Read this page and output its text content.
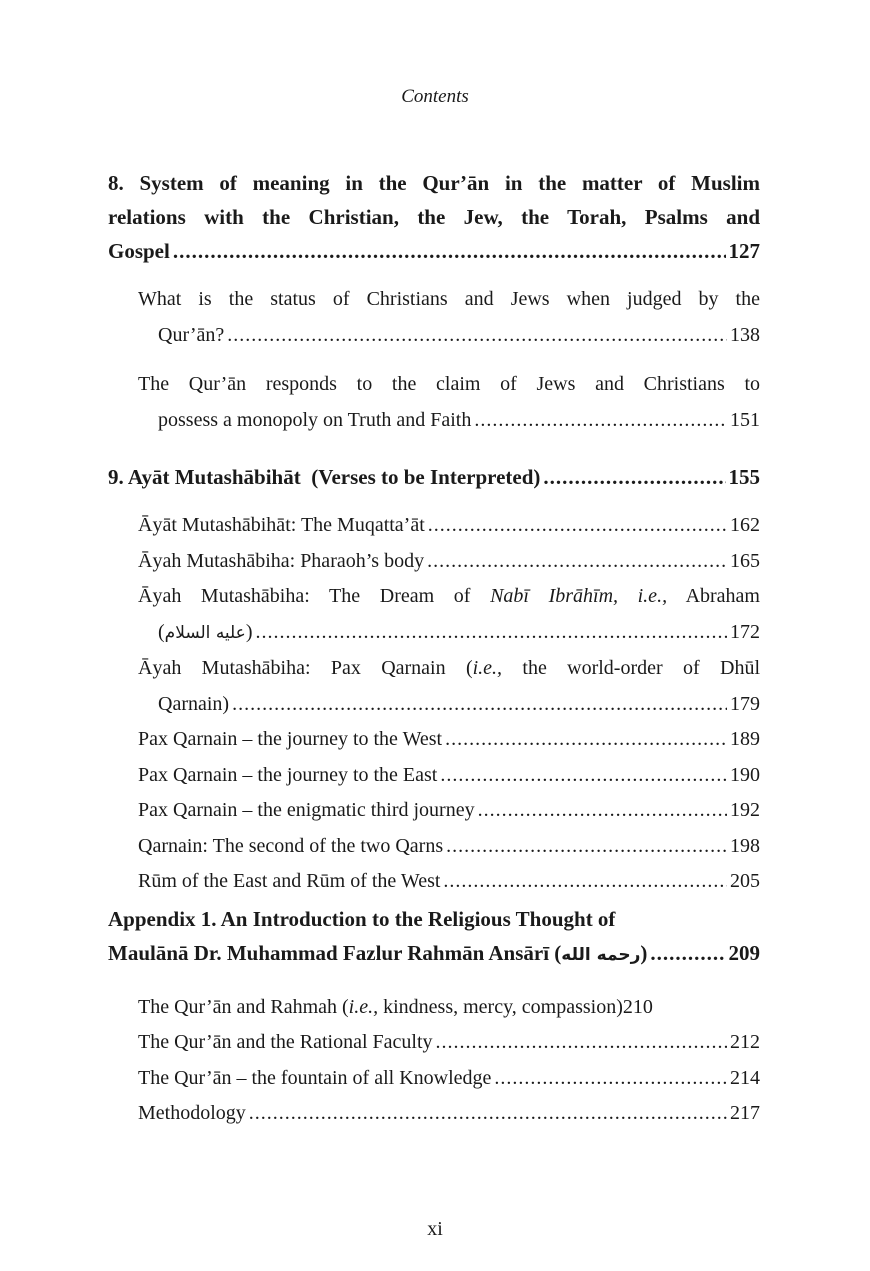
Contents
8. System of meaning in the Qur’ān in the matter of Muslim
relations with the Christian, the Jew, the Torah, Psalms and
Gospel .....	127
What is the status of Christians and Jews when judged by the
Qur’ān? .....	138
The Qur’ān responds to the claim of Jews and Christians to
possess a monopoly on Truth and Faith .....	151
9. Ayāt Mutashābihāt  (Verses to be Interpreted) .....	155
Āyāt Mutashābihāt: The Muqatta’āt .....	162
Āyah Mutashābiha: Pharaoh’s body .....	165
Āyah Mutashābiha: The Dream of Nabī Ibrāhīm, i.e., Abraham
(عليه السلام) .....	172
Āyah Mutashābiha: Pax Qarnain (i.e., the world-order of Dhūl
Qarnain) .....	179
Pax Qarnain – the journey to the West .....	189
Pax Qarnain – the journey to the East .....	190
Pax Qarnain – the enigmatic third journey .....	192
Qarnain: The second of the two Qarns .....	198
Rūm of the East and Rūm of the West .....	205
Appendix 1. An Introduction to the Religious Thought of
Maulānā Dr. Muhammad Fazlur Rahmān Ansārī (رحمه الله) .....	209
The Qur’ān and Rahmah (i.e., kindness, mercy, compassion) 210
The Qur’ān and the Rational Faculty .....	212
The Qur’ān – the fountain of all Knowledge .....	214
Methodology .....	217
xi
